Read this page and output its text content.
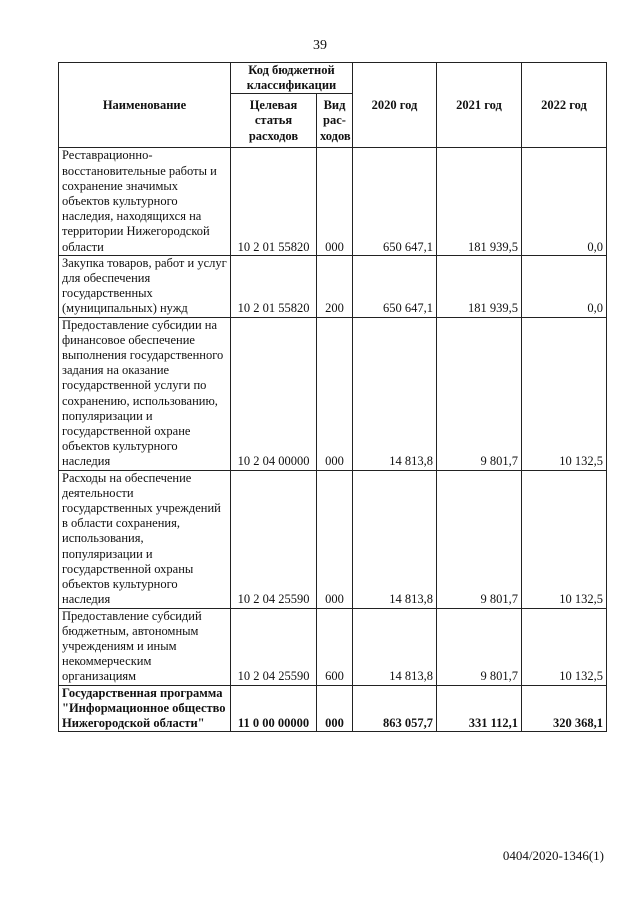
39
Наименование	Код бюджетной классификации		2020 год	2021 год	2022 год
	Целевая статья расходов	Вид рас-ходов			
Реставрационно-восстановительные работы и сохранение значимых объектов культурного наследия, находящихся на территории Нижегородской области	10 2 01 55820	000	650 647,1	181 939,5	0,0
Закупка товаров, работ и услуг для обеспечения государственных (муниципальных) нужд	10 2 01 55820	200	650 647,1	181 939,5	0,0
Предоставление субсидии на финансовое обеспечение выполнения государственного задания на оказание государственной услуги по сохранению, использованию, популяризации и государственной охране объектов культурного наследия	10 2 04 00000	000	14 813,8	9 801,7	10 132,5
Расходы на обеспечение деятельности государственных учреждений в области сохранения, использования, популяризации и государственной охраны объектов культурного наследия	10 2 04 25590	000	14 813,8	9 801,7	10 132,5
Предоставление субсидий бюджетным, автономным учреждениям и иным некоммерческим организациям	10 2 04 25590	600	14 813,8	9 801,7	10 132,5
Государственная программа "Информационное общество Нижегородской области"	11 0 00 00000	000	863 057,7	331 112,1	320 368,1
0404/2020-1346(1)
